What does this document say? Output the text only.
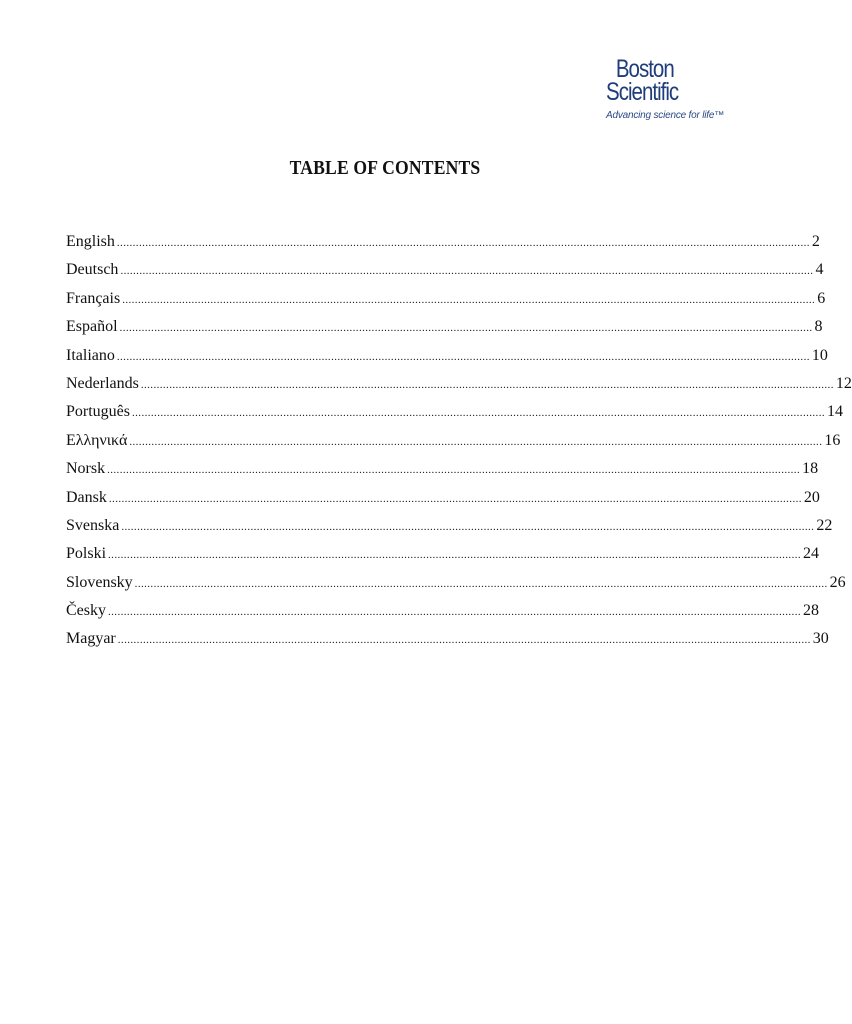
Boston
Scientific
Advancing science for life™
TABLE OF CONTENTS
English ............................................................................................................................................................................................................................ 2
Deutsch ............................................................................................................................................................................................................................ 4
Français ............................................................................................................................................................................................................................ 6
Español ............................................................................................................................................................................................................................ 8
Italiano ............................................................................................................................................................................................................................ 10
Nederlands ............................................................................................................................................................................................................................ 12
Português ............................................................................................................................................................................................................................ 14
Ελληνικά ............................................................................................................................................................................................................................ 16
Norsk ............................................................................................................................................................................................................................ 18
Dansk ............................................................................................................................................................................................................................ 20
Svenska ............................................................................................................................................................................................................................ 22
Polski ............................................................................................................................................................................................................................ 24
Slovensky ............................................................................................................................................................................................................................ 26
Česky ............................................................................................................................................................................................................................ 28
Magyar ............................................................................................................................................................................................................................ 30
